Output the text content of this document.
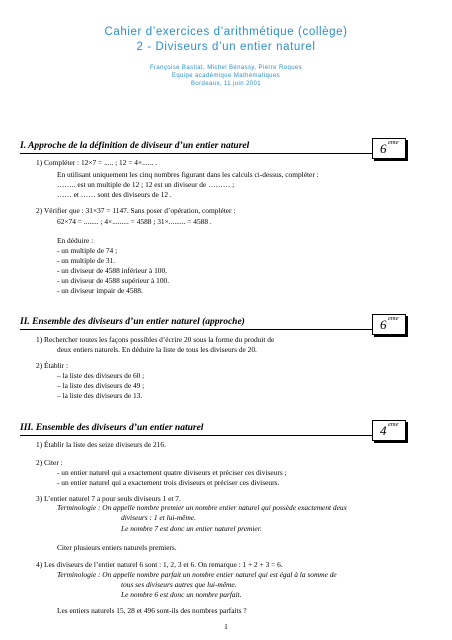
Cahier d’exercices d’arithmétique (collège)
2 - Diviseurs d’un entier naturel
Françoise Bastiat, Michel Bénassy, Pierre Roques
Equipe académique Mathématiques
Bordeaux, 11 juin 2001
I. Approche de la définition de diviseur d’un entier naturel	6 eme
1) Compléter : 12×7 = ..... ; 12 = 4×...... .
En utilisant uniquement les cinq nombres figurant dans les calculs ci-dessus, compléter :
…….. est un multiple de 12 ; 12 est un diviseur de ……… ;
…… et …… sont des diviseurs de 12 .
2) Vérifier que : 31×37 = 1147. Sans poser d’opération, compléter :
62×74 = ........ ; 4×......... = 4588 ; 31×......... = 4588 .
En déduire :
- un multiple de 74 ;
- un multiple de 31.
- un diviseur de 4588 inférieur à 100.
- un diviseur de 4588 supérieur à 100.
- un diviseur impair de 4588.
II. Ensemble des diviseurs d’un entier naturel (approche)	6 eme
1) Rechercher toutes les façons possibles d’écrire 20 sous la forme du produit de
deux entiers naturels. En déduire la liste de tous les diviseurs de 20.
2) Établir :
– la liste des diviseurs de 60 ;
– la liste des diviseurs de 49 ;
– la liste des diviseurs de 13.
III. Ensemble des diviseurs d’un entier naturel	4 eme
1) Établir la liste des seize diviseurs de 216.
2) Citer :
- un entier naturel qui a exactement quatre diviseurs et préciser ces diviseurs ;
- un entier naturel qui a exactement trois diviseurs et préciser ces diviseurs.
3) L’entier naturel 7 a pour seuls diviseurs 1 et 7.
Terminologie : On appelle nombre premier un nombre entier naturel qui possède exactement deux
diviseurs : 1 et lui-même.
Le nombre 7 est donc un entier naturel premier.
Citer plusieurs entiers naturels premiers.
4) Les diviseurs de l’entier naturel 6 sont : 1, 2, 3 et 6. On remarque : 1 + 2 + 3 = 6.
Terminologie : On appelle nombre parfait un nombre entier naturel qui est égal à la somme de
tous ses diviseurs autres que lui-même.
Le nombre 6 est donc un nombre parfait.
Les entiers naturels 15, 28 et 496 sont-ils des nombres parfaits ?
1
